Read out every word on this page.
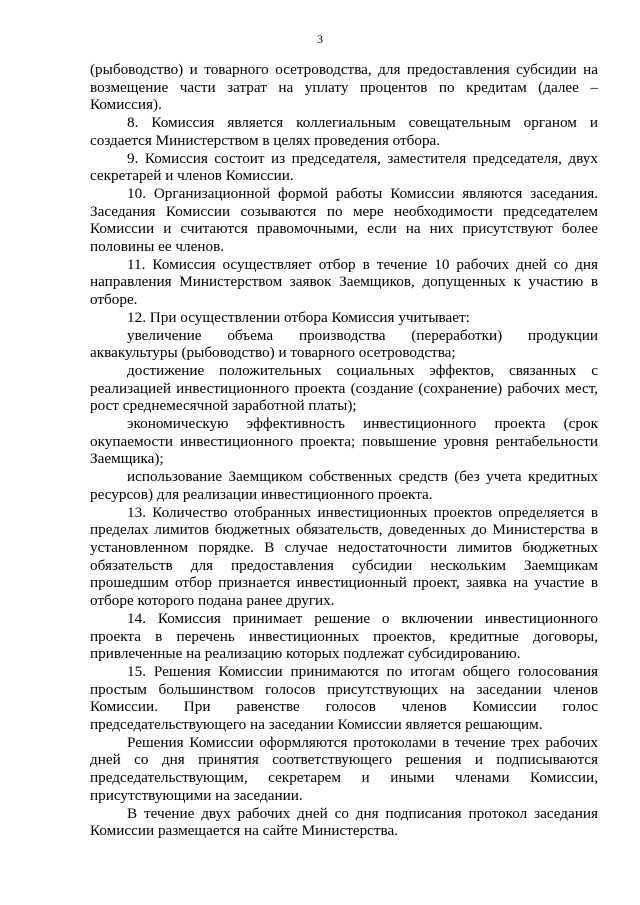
3

(рыбоводство) и товарного осетроводства, для предоставления субсидии на возмещение части затрат на уплату процентов по кредитам (далее – Комиссия).

8. Комиссия является коллегиальным совещательным органом и создается Министерством в целях проведения отбора.

9. Комиссия состоит из председателя, заместителя председателя, двух секретарей и членов Комиссии.

10. Организационной формой работы Комиссии являются заседания. Заседания Комиссии созываются по мере необходимости председателем Комиссии и считаются правомочными, если на них присутствуют более половины ее членов.

11. Комиссия осуществляет отбор в течение 10 рабочих дней со дня направления Министерством заявок Заемщиков, допущенных к участию в отборе.

12. При осуществлении отбора Комиссия учитывает:

увеличение объема производства (переработки) продукции аквакультуры (рыбоводство) и товарного осетроводства;

достижение положительных социальных эффектов, связанных с реализацией инвестиционного проекта (создание (сохранение) рабочих мест, рост среднемесячной заработной платы);

экономическую эффективность инвестиционного проекта (срок окупаемости инвестиционного проекта; повышение уровня рентабельности Заемщика);

использование Заемщиком собственных средств (без учета кредитных ресурсов) для реализации инвестиционного проекта.

13. Количество отобранных инвестиционных проектов определяется в пределах лимитов бюджетных обязательств, доведенных до Министерства в установленном порядке. В случае недостаточности лимитов бюджетных обязательств для предоставления субсидии нескольким Заемщикам прошедшим отбор признается инвестиционный проект, заявка на участие в отборе которого подана ранее других.

14. Комиссия принимает решение о включении инвестиционного проекта в перечень инвестиционных проектов, кредитные договоры, привлеченные на реализацию которых подлежат субсидированию.

15. Решения Комиссии принимаются по итогам общего голосования простым большинством голосов присутствующих на заседании членов Комиссии. При равенстве голосов членов Комиссии голос председательствующего на заседании Комиссии является решающим.

Решения Комиссии оформляются протоколами в течение трех рабочих дней со дня принятия соответствующего решения и подписываются председательствующим, секретарем и иными членами Комиссии, присутствующими на заседании.

В течение двух рабочих дней со дня подписания протокол заседания Комиссии размещается на сайте Министерства.
